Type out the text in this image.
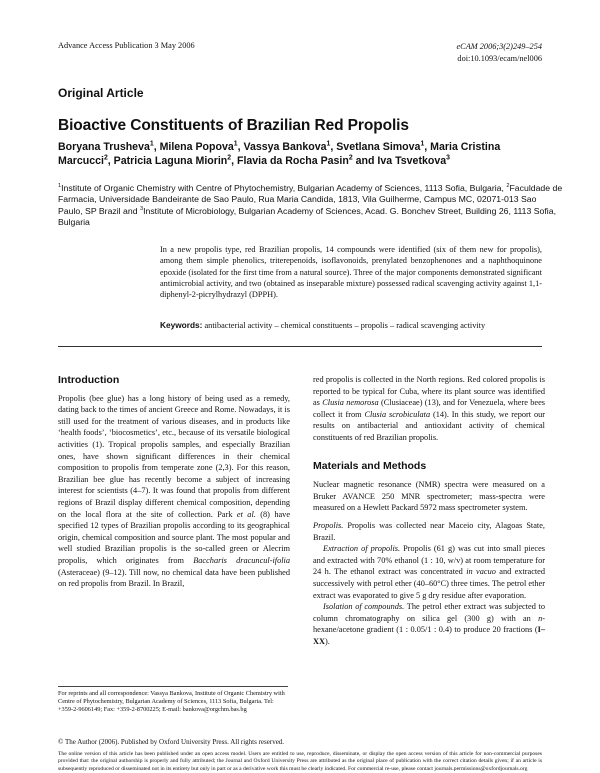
Advance Access Publication 3 May 2006	eCAM 2006;3(2)249–254
doi:10.1093/ecam/nel006
Original Article
Bioactive Constituents of Brazilian Red Propolis
Boryana Trusheva$^1$, Milena Popova$^1$, Vassya Bankova$^1$, Svetlana Simova$^1$, Maria Cristina Marcucci$^2$, Patricia Laguna Miorin$^2$, Flavia da Rocha Pasin$^2$ and Iva Tsvetkova$^3$
$^1$Institute of Organic Chemistry with Centre of Phytochemistry, Bulgarian Academy of Sciences, 1113 Sofia, Bulgaria, $^2$Faculdade de Farmacia, Universidade Bandeirante de Sao Paulo, Rua Maria Candida, 1813, Vila Guilherme, Campus MC, 02071-013 Sao Paulo, SP Brazil and $^3$Institute of Microbiology, Bulgarian Academy of Sciences, Acad. G. Bonchev Street, Building 26, 1113 Sofia, Bulgaria
In a new propolis type, red Brazilian propolis, 14 compounds were identified (six of them new for propolis), among them simple phenolics, triterepenoids, isoflavonoids, prenylated benzophenones and a naphthoquinone epoxide (isolated for the first time from a natural source). Three of the major components demonstrated significant antimicrobial activity, and two (obtained as inseparable mixture) possessed radical scavenging activity against 1,1-diphenyl-2-picrylhydrazyl (DPPH).
Keywords: antibacterial activity – chemical constituents – propolis – radical scavenging activity
Introduction

Propolis (bee glue) has a long history of being used as a remedy, dating back to the times of ancient Greece and Rome. Nowadays, it is still used for the treatment of various diseases, and in products like ‘health foods’, ‘biocosmetics’, etc., because of its versatile biological activities (1). Tropical propolis samples, and especially Brazilian ones, have shown significant differences in their chemical composition to propolis from temperate zone (2,3). For this reason, Brazilian bee glue has recently become a subject of increasing interest for scientists (4–7). It was found that propolis from different regions of Brazil display different chemical composition, depending on the local flora at the site of collection. Park et al. (8) have specified 12 types of Brazilian propolis according to its geographical origin, chemical composition and source plant. The most popular and well studied Brazilian propolis is the so-called green or Alecrim propolis, which originates from Baccharis dracuncul-ifolia (Asteraceae) (9–12). Till now, no chemical data have been published on red propolis from Brazil. In Brazil,

red propolis is collected in the North regions. Red colored propolis is reported to be typical for Cuba, where its plant source was identified as Clusia nemorosa (Clusiaceae) (13), and for Venezuela, where bees collect it from Clusia scrobiculata (14). In this study, we report our results on antibacterial and antioxidant activity of chemical constituents of red Brazilian propolis.

Materials and Methods

Nuclear magnetic resonance (NMR) spectra were measured on a Bruker AVANCE 250 MNR spectrometer; mass-spectra were measured on a Hewlett Packard 5972 mass spectrometer system.

Propolis. Propolis was collected near Maceio city, Alagoas State, Brazil.

Extraction of propolis. Propolis (61 g) was cut into small pieces and extracted with 70% ethanol (1 : 10, w/v) at room temperature for 24 h. The ethanol extract was concentrated in vacuo and extracted successively with petrol ether (40–60°C) three times. The petrol ether extract was evaporated to give 5 g dry residue after evaporation.

Isolation of compounds. The petrol ether extract was subjected to column chromatography on silica gel (300 g) with an n-hexane/acetone gradient (1 : 0.05/1 : 0.4) to produce 20 fractions (I–XX).

For reprints and all correspondence: Vassya Bankova, Institute of Organic Chemistry with Centre of Phytochemistry, Bulgarian Academy of Sciences, 1113 Sofia, Bulgaria. Tel: +359-2-9606149; Fax: +359-2-8700225; E-mail: bankova@orgchm.bas.bg
© The Author (2006). Published by Oxford University Press. All rights reserved.
The online version of this article has been published under an open access model. Users are entitled to use, reproduce, disseminate, or display the open access version of this article for non-commercial purposes provided that: the original authorship is properly and fully attributed; the Journal and Oxford University Press are attributed as the original place of publication with the correct citation details given; if an article is subsequently reproduced or disseminated not in its entirety but only in part or as a derivative work this must be clearly indicated. For commercial re-use, please contact journals.permissions@oxfordjournals.org
